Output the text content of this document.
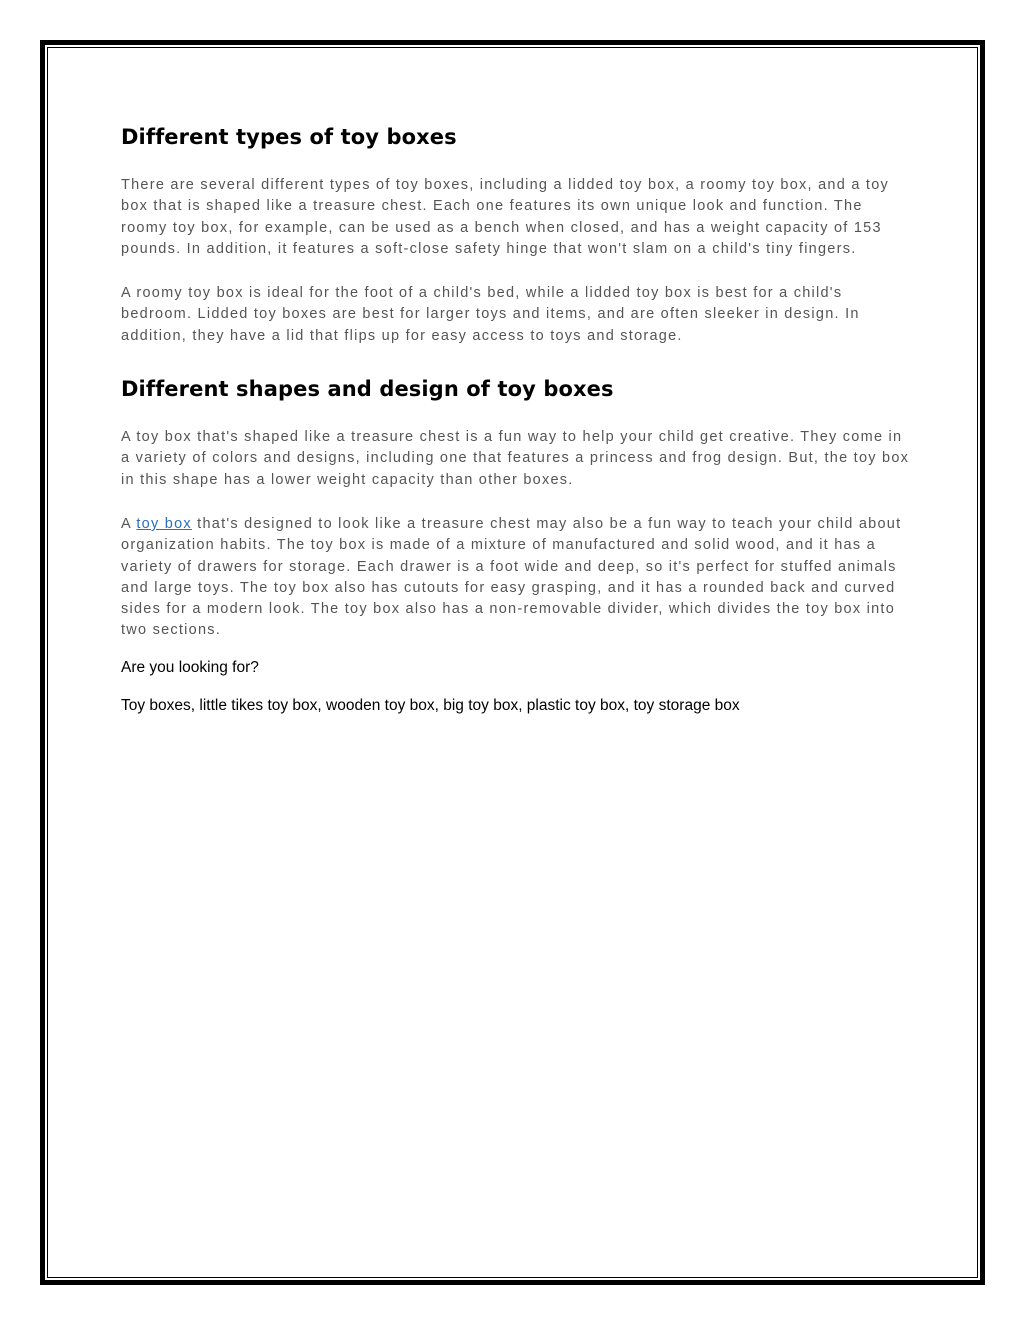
Different types of toy boxes

There are several different types of toy boxes, including a lidded toy box, a roomy toy box, and a toy box that is shaped like a treasure chest. Each one features its own unique look and function. The roomy toy box, for example, can be used as a bench when closed, and has a weight capacity of 153 pounds. In addition, it features a soft-close safety hinge that won't slam on a child's tiny fingers.

A roomy toy box is ideal for the foot of a child's bed, while a lidded toy box is best for a child's bedroom. Lidded toy boxes are best for larger toys and items, and are often sleeker in design. In addition, they have a lid that flips up for easy access to toys and storage.

Different shapes and design of toy boxes

A toy box that's shaped like a treasure chest is a fun way to help your child get creative. They come in a variety of colors and designs, including one that features a princess and frog design. But, the toy box in this shape has a lower weight capacity than other boxes.

A toy box that's designed to look like a treasure chest may also be a fun way to teach your child about organization habits. The toy box is made of a mixture of manufactured and solid wood, and it has a variety of drawers for storage. Each drawer is a foot wide and deep, so it's perfect for stuffed animals and large toys. The toy box also has cutouts for easy grasping, and it has a rounded back and curved sides for a modern look. The toy box also has a non-removable divider, which divides the toy box into two sections.

Are you looking for?

Toy boxes, little tikes toy box, wooden toy box, big toy box, plastic toy box, toy storage box
